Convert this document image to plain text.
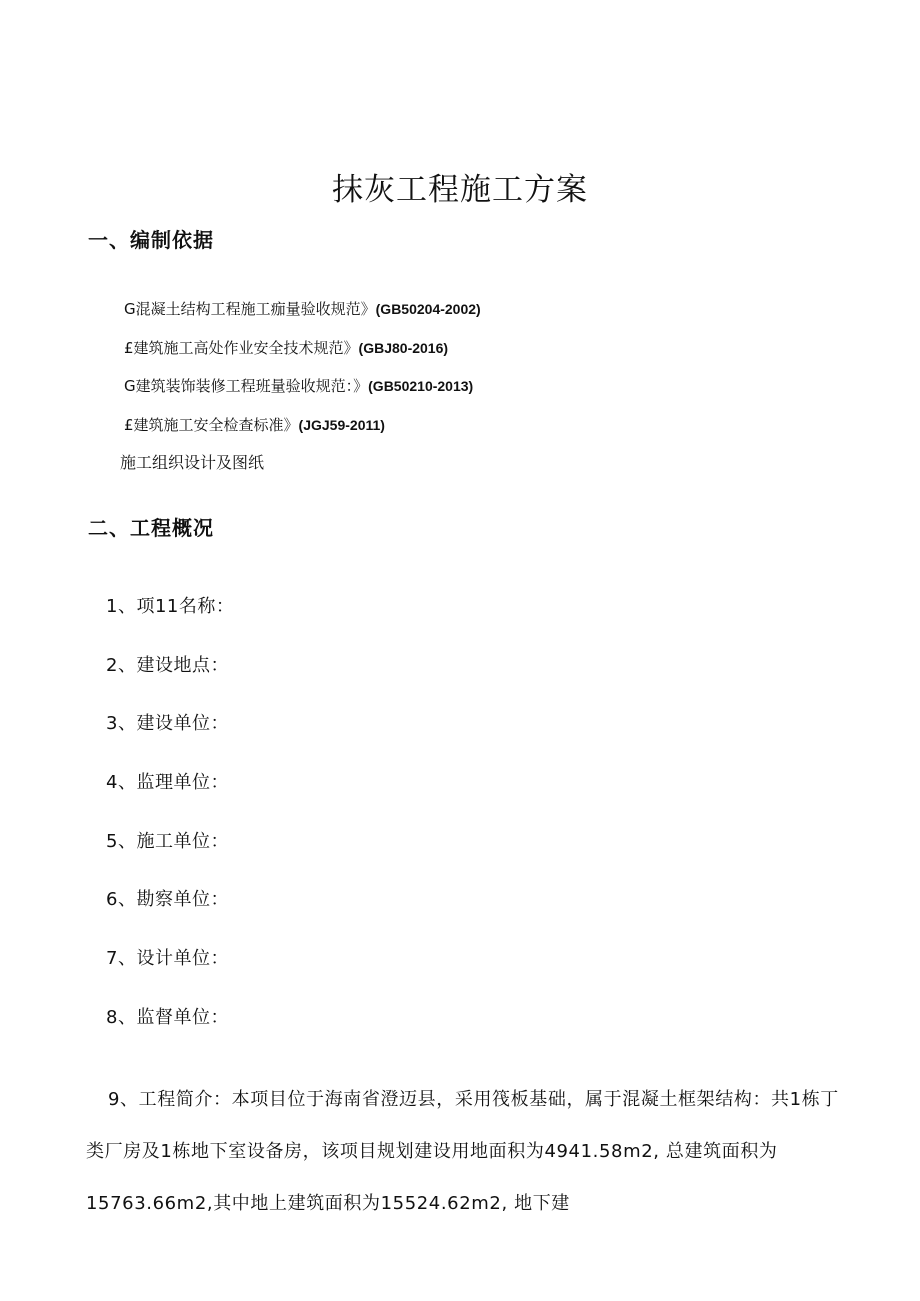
抹灰工程施工方案
一、编制依据
G混凝土结构工程施工痂量验收规范》(GB50204-2002)
£建筑施工高处作业安全技术规范》(GBJ80-2016)
G建筑装饰装修工程班量验收规范：》(GB50210-2013)
£建筑施工安全检查标准》(JGJ59-2011)
施工组织设计及图纸
二、工程概况
1、项11名称：
2、建设地点：
3、建设单位：
4、监理单位：
5、施工单位：
6、勘察单位：
7、设计单位：
8、监督单位：

9、工程简介：本项目位于海南省澄迈县，采用筏板基础，属于混凝土框架结构：共1栋丁类厂房及1栋地下室设备房，该项目规划建设用地面积为4941.58m2, 总建筑面积为15763.66m2,其中地上建筑面积为15524.62m2, 地下建
